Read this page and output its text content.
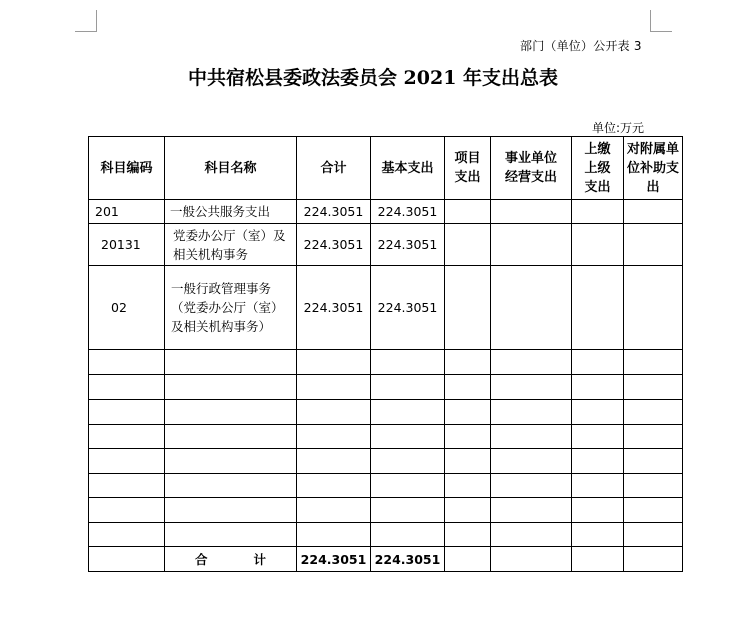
部门（单位）公开表 3
中共宿松县委政法委员会 2021 年支出总表
单位:万元
科目编码	科目名称	合计	基本支出	项目支出	事业单位经营支出	上缴上级支出	对附属单位补助支出
201	一般公共服务支出	224.3051	224.3051				
20131	党委办公厅（室）及相关机构事务	224.3051	224.3051				
02	一般行政管理事务（党委办公厅（室）及相关机构事务）	224.3051	224.3051				

	合 计	224.3051	224.3051				
